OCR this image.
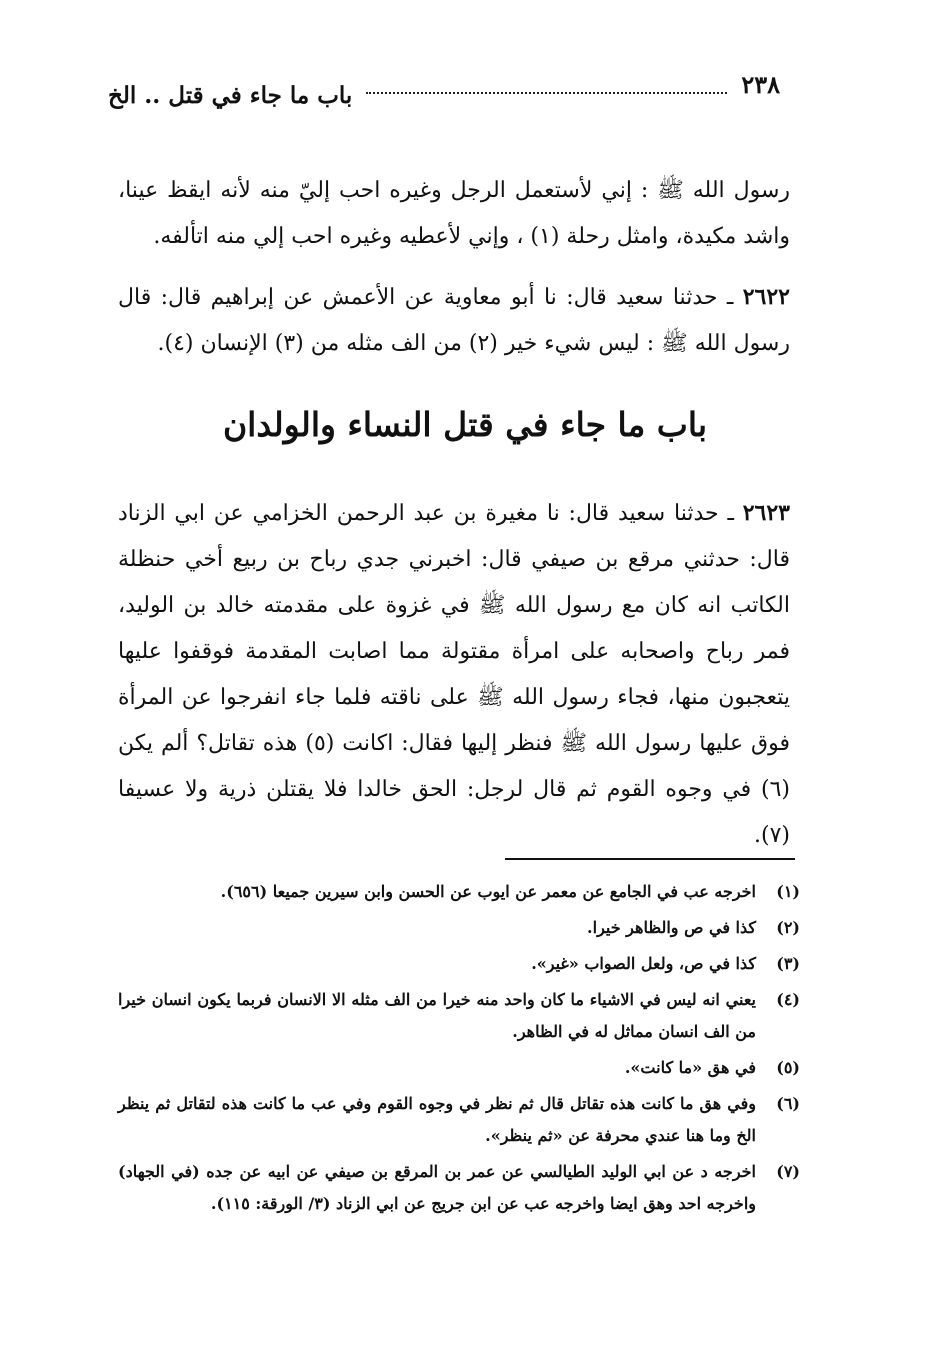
٢٣٨
باب ما جاء في قتل .. الخ

رسول الله ﷺ : إني لأستعمل الرجل وغيره احب إليّ منه لأنه ايقظ عينا، واشد مكيدة، وامثل رحلة (١) ، وإني لأعطيه وغيره احب إلي منه اتألفه.

٢٦٢٢ ـ حدثنا سعيد قال: نا أبو معاوية عن الأعمش عن إبراهيم قال: قال رسول الله ﷺ : ليس شيء خير (٢) من الف مثله من (٣) الإنسان (٤).

باب ما جاء في قتل النساء والولدان

٢٦٢٣ ـ حدثنا سعيد قال: نا مغيرة بن عبد الرحمن الخزامي عن ابي الزناد قال: حدثني مرقع بن صيفي قال: اخبرني جدي رباح بن ربيع أخي حنظلة الكاتب انه كان مع رسول الله ﷺ في غزوة على مقدمته خالد بن الوليد، فمر رباح واصحابه على امرأة مقتولة مما اصابت المقدمة فوقفوا عليها يتعجبون منها، فجاء رسول الله ﷺ على ناقته فلما جاء انفرجوا عن المرأة فوق عليها رسول الله ﷺ فنظر إليها فقال: اكانت (٥) هذه تقاتل؟ ألم يكن (٦) في وجوه القوم ثم قال لرجل: الحق خالدا فلا يقتلن ذرية ولا عسيفا (٧).

(١)
اخرجه عب في الجامع عن معمر عن ايوب عن الحسن وابن سيرين جميعا (٦٥٦).
(٢)
كذا في ص والظاهر خيرا.
(٣)
كذا في ص، ولعل الصواب «غير».
(٤)
يعني انه ليس في الاشياء ما كان واحد منه خيرا من الف مثله الا الانسان فربما يكون انسان خيرا من الف انسان مماثل له في الظاهر.
(٥)
في هق «ما كانت».
(٦)
وفي هق ما كانت هذه تقاتل قال ثم نظر في وجوه القوم وفي عب ما كانت هذه لتقاتل ثم ينظر الخ وما هنا عندي محرفة عن «ثم ينظر».
(٧)
اخرجه د عن ابي الوليد الطيالسي عن عمر بن المرقع بن صيفي عن ابيه عن جده (في الجهاد) واخرجه احد وهق ايضا واخرجه عب عن ابن جريج عن ابي الزناد (٣/ الورقة: ١١٥).
